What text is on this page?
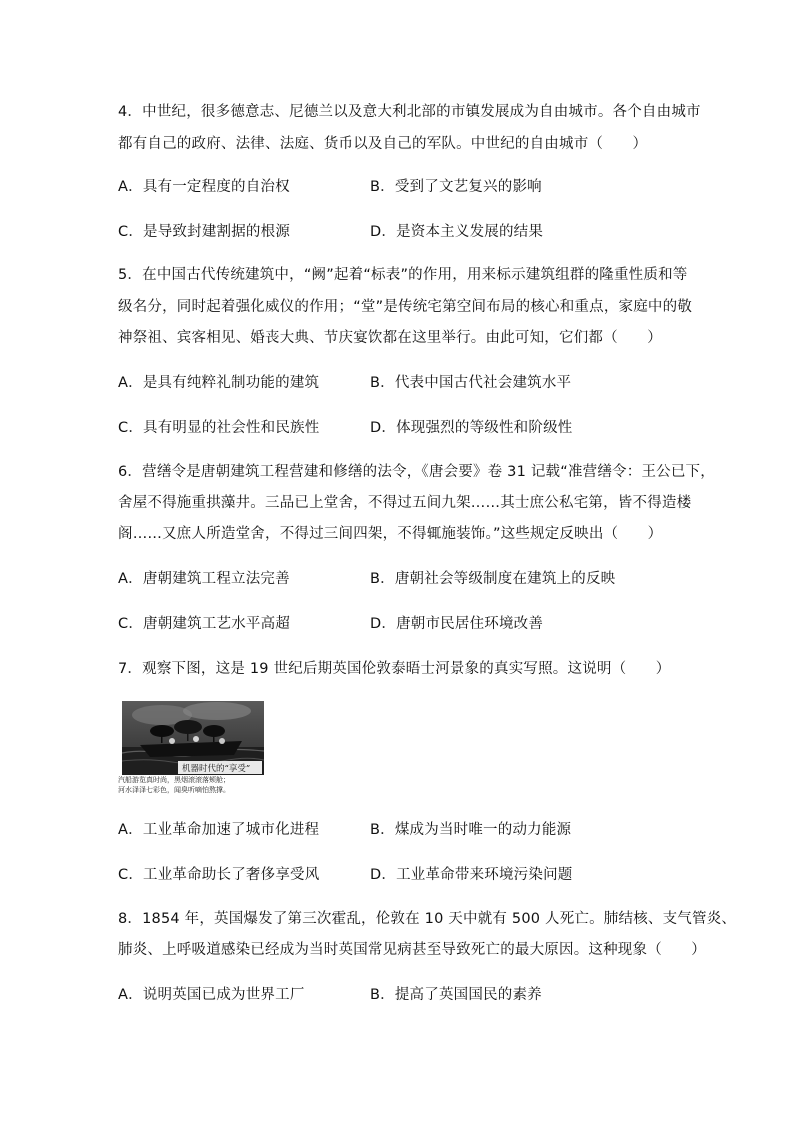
4．中世纪，很多德意志、尼德兰以及意大利北部的市镇发展成为自由城市。各个自由城市
都有自己的政府、法律、法庭、货币以及自己的军队。中世纪的自由城市（　　）
A．具有一定程度的自治权	B．受到了文艺复兴的影响
C．是导致封建割据的根源	D．是资本主义发展的结果
5．在中国古代传统建筑中，“阙”起着“标表”的作用，用来标示建筑组群的隆重性质和等
级名分，同时起着强化威仪的作用；“堂”是传统宅第空间布局的核心和重点，家庭中的敬
神祭祖、宾客相见、婚丧大典、节庆宴饮都在这里举行。由此可知，它们都（　　）
A．是具有纯粹礼制功能的建筑	B．代表中国古代社会建筑水平
C．具有明显的社会性和民族性	D．体现强烈的等级性和阶级性
6．营缮令是唐朝建筑工程营建和修缮的法令，《唐会要》卷 31 记载“准营缮令：王公已下，
舍屋不得施重拱藻井。三品已上堂舍，不得过五间九架……其士庶公私宅第，皆不得造楼
阁……又庶人所造堂舍，不得过三间四架，不得辄施装饰。”这些规定反映出（　　）
A．唐朝建筑工程立法完善	B．唐朝社会等级制度在建筑上的反映
C．唐朝建筑工艺水平高超	D．唐朝市民居住环境改善
7．观察下图，这是 19 世纪后期英国伦敦泰晤士河景象的真实写照。这说明（　　）
机器时代的“享受”
汽船游览真时尚，黑烟滚滚落颊舱；
河水泽泽七彩色，闻臭听嘀怕熬撑。
A．工业革命加速了城市化进程	B．煤成为当时唯一的动力能源
C．工业革命助长了奢侈享受风	D．工业革命带来环境污染问题
8．1854 年，英国爆发了第三次霍乱，伦敦在 10 天中就有 500 人死亡。肺结核、支气管炎、
肺炎、上呼吸道感染已经成为当时英国常见病甚至导致死亡的最大原因。这种现象（　　）
A．说明英国已成为世界工厂	B．提高了英国国民的素养
